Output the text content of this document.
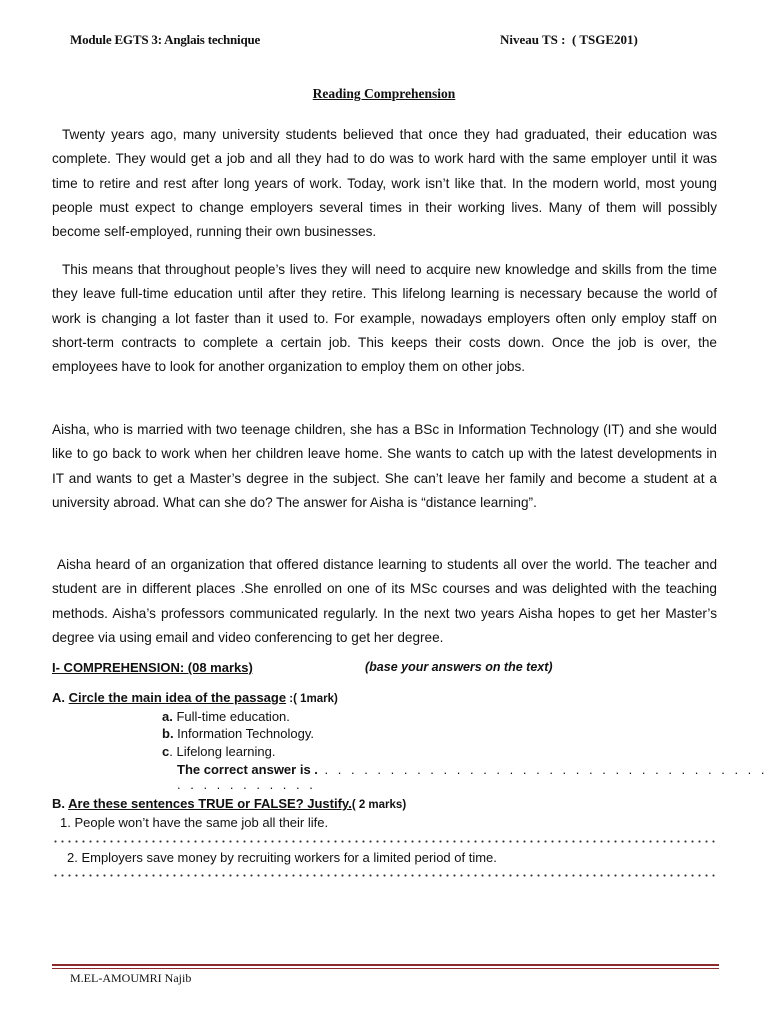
Module EGTS 3: Anglais technique	Niveau TS :  ( TSGE201)
Reading Comprehension

Twenty years ago, many university students believed that once they had graduated, their education was complete. They would get a job and all they had to do was to work hard with the same employer until it was time to retire and rest after long years of work. Today, work isn’t like that. In the modern world, most young people must expect to change employers several times in their working lives. Many of them will possibly become self-employed, running their own businesses.

This means that throughout people’s lives they will need to acquire new knowledge and skills from the time they leave full-time education until after they retire. This lifelong learning is necessary because the world of work is changing a lot faster than it used to. For example, nowadays employers often only employ staff on short-term contracts to complete a certain job. This keeps their costs down. Once the job is over, the employees have to look for another organization to employ them on other jobs.

Aisha, who is married with two teenage children, she has a BSc in Information Technology (IT) and she would like to go back to work when her children leave home. She wants to catch up with the latest developments in IT and wants to get a Master’s degree in the subject. She can’t leave her family and become a student at a university abroad. What can she do? The answer for Aisha is “distance learning”.

Aisha heard of an organization that offered distance learning to students all over the world. The teacher and student are in different places .She enrolled on one of its MSc courses and was delighted with the teaching methods. Aisha’s professors communicated regularly. In the next two years Aisha hopes to get her Master’s degree via using email and video conferencing to get her degree.

I- COMPREHENSION: (08 marks)	(base your answers on the text)
A. Circle the main idea of the passage :( 1mark)
a. Full-time education.
b. Information Technology.
c. Lifelong learning.
The correct answer is . . . . . . . . . . . . . . . . . . . . . . . . . . . . . . . . . . . . . . . . . . . . . .
B. Are these sentences TRUE or FALSE? Justify.( 2 marks)
1. People won’t have the same job all their life.
2. Employers save money by recruiting workers for a limited period of time.
M.EL-AMOUMRI Najib
